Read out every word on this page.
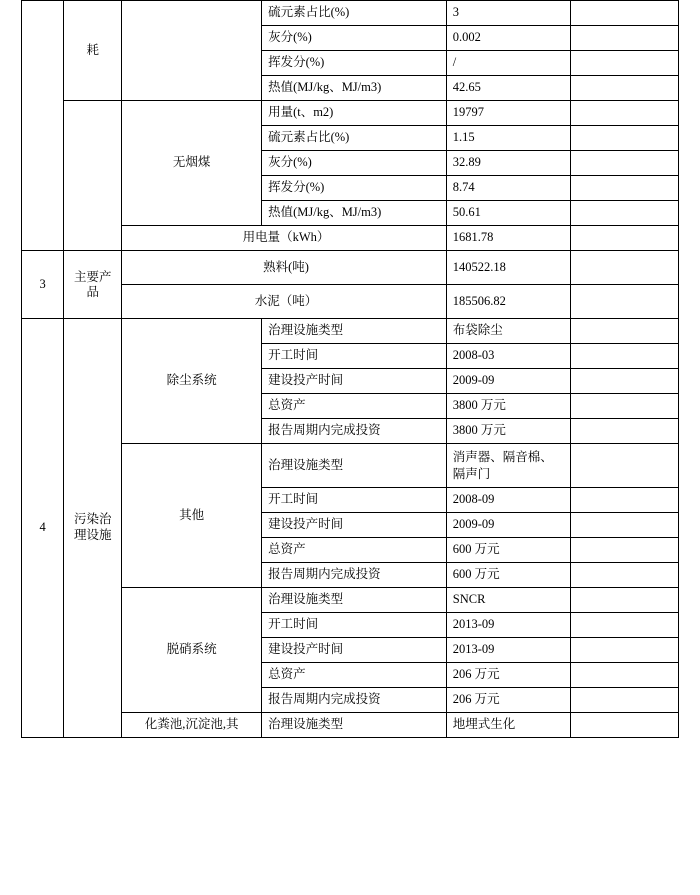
	耗		硫元素占比(%)	3	
			灰分(%)	0.002	
			挥发分(%)	/	
			热值(MJ/kg、MJ/m3)	42.65	
		无烟煤	用量(t、m2)	19797	
			硫元素占比(%)	1.15	
			灰分(%)	32.89	
			挥发分(%)	8.74	
			热值(MJ/kg、MJ/m3)	50.61	
		用电量（kWh）		1681.78	
3	主要产品	熟料(吨)		140522.18	
		水泥（吨）		185506.82	
4	污染治理设施	除尘系统	治理设施类型	布袋除尘	
			开工时间	2008-03	
			建设投产时间	2009-09	
			总资产	3800 万元	
			报告周期内完成投资	3800 万元	
		其他	治理设施类型	消声器、隔音棉、隔声门	
			开工时间	2008-09	
			建设投产时间	2009-09	
			总资产	600 万元	
			报告周期内完成投资	600 万元	
		脱硝系统	治理设施类型	SNCR	
			开工时间	2013-09	
			建设投产时间	2013-09	
			总资产	206 万元	
			报告周期内完成投资	206 万元	
		化粪池,沉淀池,其	治理设施类型	地埋式生化	
